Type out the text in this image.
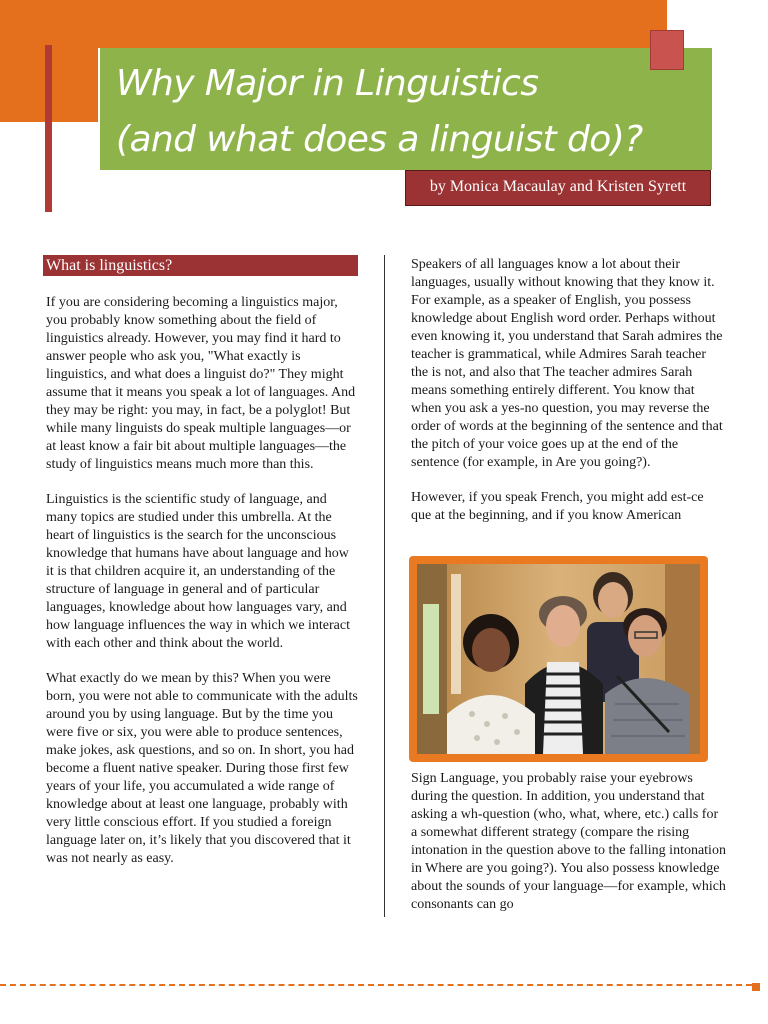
Why Major in Linguistics
(and what does a linguist do)?
by Monica Macaulay and Kristen Syrett
What is linguistics?

If you are considering becoming a linguistics major, you probably know something about the field of linguistics already. However, you may find it hard to answer people who ask you, "What exactly is linguistics, and what does a linguist do?" They might assume that it means you speak a lot of languages. And they may be right: you may, in fact, be a polyglot! But while many linguists do speak multiple languages—or at least know a fair bit about multiple languages—the study of linguistics means much more than this.

Linguistics is the scientific study of language, and many topics are studied under this umbrella. At the heart of linguistics is the search for the unconscious knowledge that humans have about language and how it is that children acquire it, an understanding of the structure of language in general and of particular languages, knowledge about how languages vary, and how language influences the way in which we interact with each other and think about the world.

What exactly do we mean by this? When you were born, you were not able to communicate with the adults around you by using language. But by the time you were five or six, you were able to produce sentences, make jokes, ask questions, and so on. In short, you had become a fluent native speaker. During those first few years of your life, you accumulated a wide range of knowledge about at least one language, probably with very little conscious effort. If you studied a foreign language later on, it’s likely that you discovered that it was not nearly as easy.

Speakers of all languages know a lot about their languages, usually without knowing that they know it. For example, as a speaker of English, you possess knowledge about English word order. Perhaps without even knowing it, you understand that Sarah admires the teacher is grammatical, while Admires Sarah teacher the is not, and also that The teacher admires Sarah means something entirely different. You know that when you ask a yes-no question, you may reverse the order of words at the beginning of the sentence and that the pitch of your voice goes up at the end of the sentence (for example, in Are you going?).

However, if you speak French, you might add est-ce que at the beginning, and if you know American

Sign Language, you probably raise your eyebrows during the question. In addition, you understand that asking a wh-question (who, what, where, etc.) calls for a somewhat different strategy (compare the rising intonation in the question above to the falling intonation in Where are you going?). You also possess knowledge about the sounds of your language—for example, which consonants can go
